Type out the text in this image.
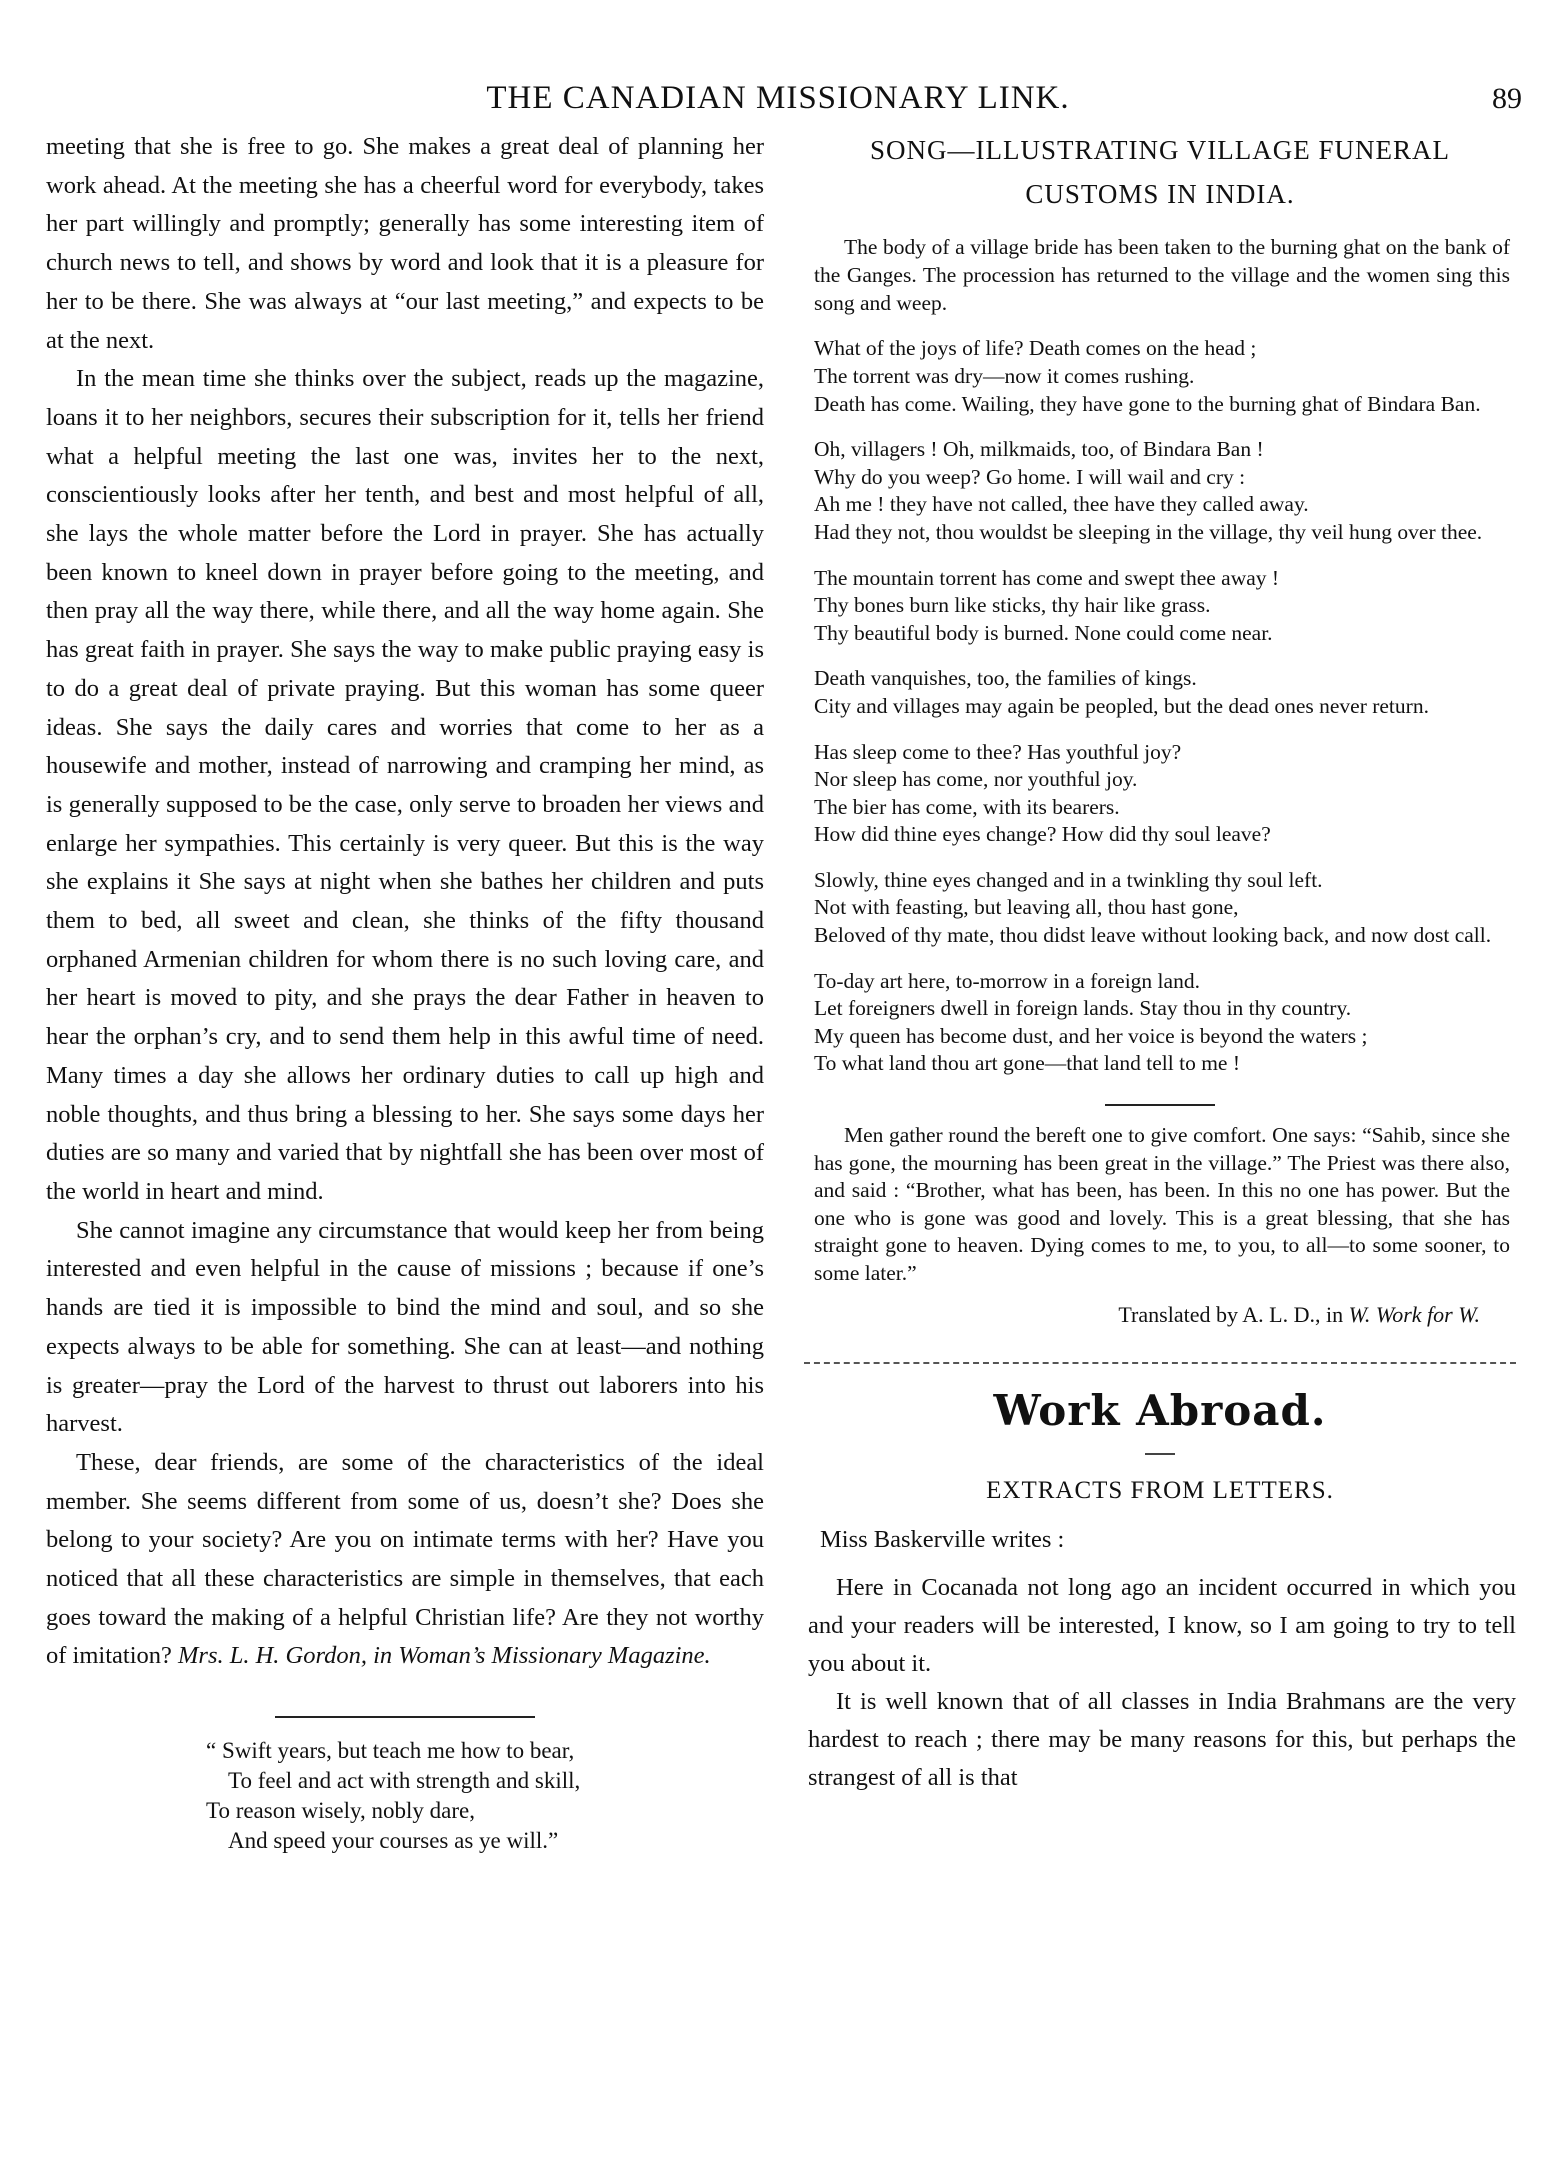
THE CANADIAN MISSIONARY LINK.	89

meeting that she is free to go. She makes a great deal of planning her work ahead. At the meeting she has a cheerful word for everybody, takes her part willingly and promptly; generally has some interesting item of church news to tell, and shows by word and look that it is a pleasure for her to be there. She was always at “our last meeting,” and expects to be at the next.

In the mean time she thinks over the subject, reads up the magazine, loans it to her neighbors, secures their subscription for it, tells her friend what a helpful meeting the last one was, invites her to the next, conscientiously looks after her tenth, and best and most helpful of all, she lays the whole matter before the Lord in prayer. She has actually been known to kneel down in prayer before going to the meeting, and then pray all the way there, while there, and all the way home again. She has great faith in prayer. She says the way to make public praying easy is to do a great deal of private praying. But this woman has some queer ideas. She says the daily cares and worries that come to her as a housewife and mother, instead of narrowing and cramping her mind, as is generally supposed to be the case, only serve to broaden her views and enlarge her sympathies. This certainly is very queer. But this is the way she explains it She says at night when she bathes her children and puts them to bed, all sweet and clean, she thinks of the fifty thousand orphaned Armenian children for whom there is no such loving care, and her heart is moved to pity, and she prays the dear Father in heaven to hear the orphan’s cry, and to send them help in this awful time of need. Many times a day she allows her ordinary duties to call up high and noble thoughts, and thus bring a blessing to her. She says some days her duties are so many and varied that by nightfall she has been over most of the world in heart and mind.

She cannot imagine any circumstance that would keep her from being interested and even helpful in the cause of missions ; because if one’s hands are tied it is impossible to bind the mind and soul, and so she expects always to be able for something. She can at least—and nothing is greater—pray the Lord of the harvest to thrust out laborers into his harvest.

These, dear friends, are some of the characteristics of the ideal member. She seems different from some of us, doesn’t she? Does she belong to your society? Are you on intimate terms with her? Have you noticed that all these characteristics are simple in themselves, that each goes toward the making of a helpful Christian life? Are they not worthy of imitation? Mrs. L. H. Gordon, in Woman’s Missionary Magazine.

“ Swift years, but teach me how to bear,
To feel and act with strength and skill,
To reason wisely, nobly dare,
And speed your courses as ye will.”

SONG—ILLUSTRATING VILLAGE FUNERAL

CUSTOMS IN INDIA.

The body of a village bride has been taken to the burning ghat on the bank of the Ganges. The procession has returned to the village and the women sing this song and weep.

What of the joys of life? Death comes on the head ;
The torrent was dry—now it comes rushing.
Death has come. Wailing, they have gone to the burning ghat of Bindara Ban.
Oh, villagers ! Oh, milkmaids, too, of Bindara Ban !
Why do you weep? Go home. I will wail and cry :
Ah me ! they have not called, thee have they called away.
Had they not, thou wouldst be sleeping in the village, thy veil hung over thee.
The mountain torrent has come and swept thee away !
Thy bones burn like sticks, thy hair like grass.
Thy beautiful body is burned. None could come near.
Death vanquishes, too, the families of kings.
City and villages may again be peopled, but the dead ones never return.
Has sleep come to thee? Has youthful joy?
Nor sleep has come, nor youthful joy.
The bier has come, with its bearers.
How did thine eyes change? How did thy soul leave?
Slowly, thine eyes changed and in a twinkling thy soul left.
Not with feasting, but leaving all, thou hast gone,
Beloved of thy mate, thou didst leave without looking back, and now dost call.
To-day art here, to-morrow in a foreign land.
Let foreigners dwell in foreign lands. Stay thou in thy country.
My queen has become dust, and her voice is beyond the waters ;
To what land thou art gone—that land tell to me !

Men gather round the bereft one to give comfort. One says: “Sahib, since she has gone, the mourning has been great in the village.” The Priest was there also, and said : “Brother, what has been, has been. In this no one has power. But the one who is gone was good and lovely. This is a great blessing, that she has straight gone to heaven. Dying comes to me, to you, to all—to some sooner, to some later.”

Translated by A. L. D., in W. Work for W.
Work Abroad.
EXTRACTS FROM LETTERS.

Miss Baskerville writes :

Here in Cocanada not long ago an incident occurred in which you and your readers will be interested, I know, so I am going to try to tell you about it.

It is well known that of all classes in India Brahmans are the very hardest to reach ; there may be many reasons for this, but perhaps the strangest of all is that
